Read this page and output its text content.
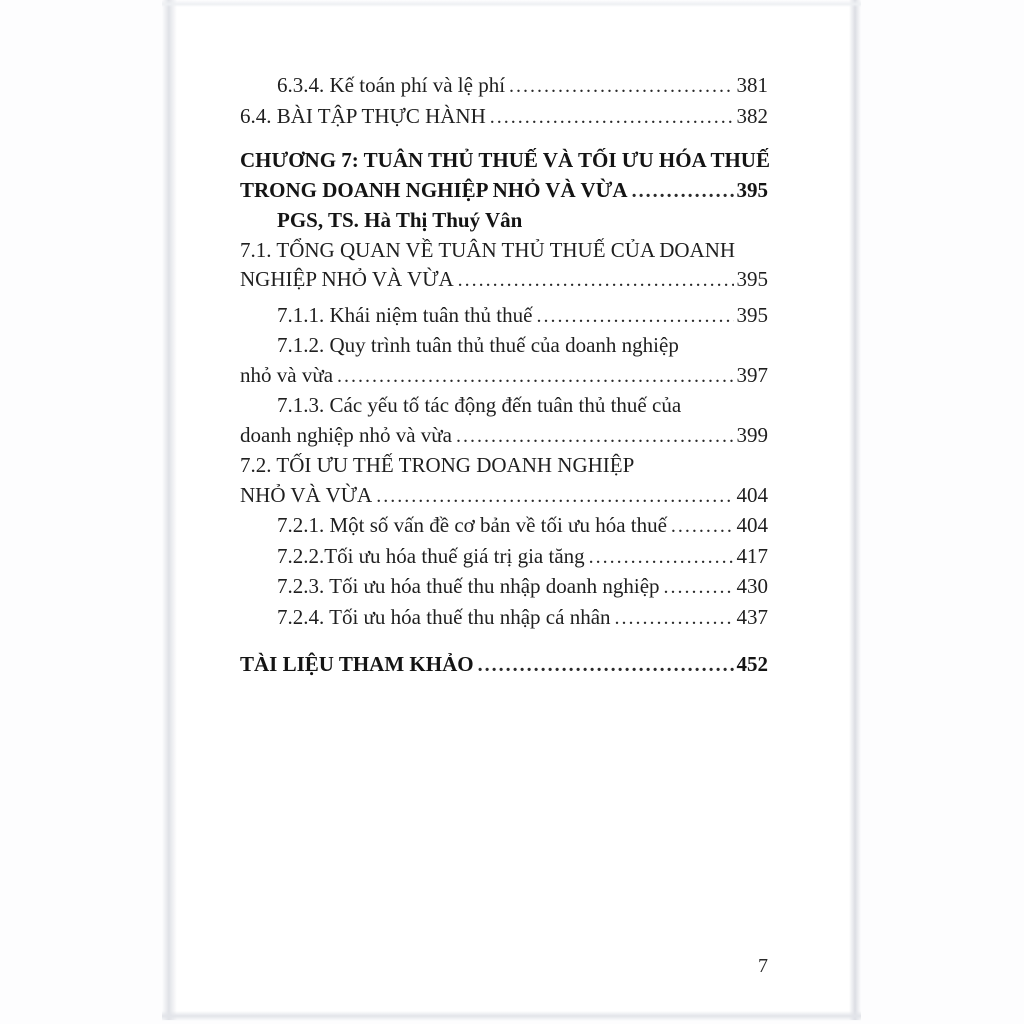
6.3.4. Kế toán phí và lệ phí .....	381
6.4. BÀI TẬP THỰC HÀNH .....	382
CHƯƠNG 7: TUÂN THỦ THUẾ VÀ TỐI ƯU HÓA THUẾ
TRONG DOANH NGHIỆP NHỎ VÀ VỪA .....	395
PGS, TS. Hà Thị Thuý Vân
7.1. TỔNG QUAN VỀ TUÂN THỦ THUẾ CỦA DOANH
NGHIỆP NHỎ VÀ VỪA .....	395
7.1.1. Khái niệm tuân thủ thuế .....	395
7.1.2. Quy trình tuân thủ thuế của doanh nghiệp
nhỏ và vừa .....	397
7.1.3. Các yếu tố tác động đến tuân thủ thuế của
doanh nghiệp nhỏ và vừa .....	399
7.2. TỐI ƯU THẾ TRONG DOANH NGHIỆP
NHỎ VÀ VỪA .....	404
7.2.1. Một số vấn đề cơ bản về tối ưu hóa thuế .....	404
7.2.2.Tối ưu hóa thuế giá trị gia tăng .....	417
7.2.3. Tối ưu hóa thuế thu nhập doanh nghiệp .....	430
7.2.4. Tối ưu hóa thuế thu nhập cá nhân .....	437
TÀI LIỆU THAM KHẢO .....	452
7
